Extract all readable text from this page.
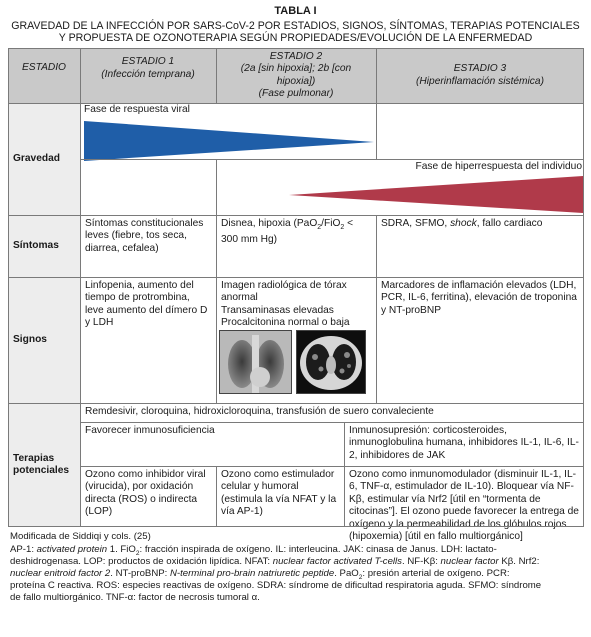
TABLA I
GRAVEDAD DE LA INFECCIÓN POR SARS-CoV-2 POR ESTADIOS, SIGNOS, SÍNTOMAS, TERAPIAS POTENCIALES
Y PROPUESTA DE OZONOTERAPIA SEGÚN PROPIEDADES/EVOLUCIÓN DE LA ENFERMEDAD
ESTADIO
ESTADIO 1
(Infección temprana)
ESTADIO 2
(2a [sin hipoxia]; 2b [con hipoxia])
(Fase pulmonar)
ESTADIO 3
(Hiperinflamación sistémica)
Gravedad
Fase de respuesta viral
Fase de hiperrespuesta del individuo
Síntomas
Síntomas constitucionales leves (fiebre, tos seca, diarrea, cefalea)
Disnea, hipoxia (PaO$_2$/FiO$_2$ < 300 mm Hg)
SDRA, SFMO, shock, fallo cardiaco
Signos
Linfopenia, aumento del tiempo de protrombina, leve aumento del dímero D y LDH
Imagen radiológica de tórax anormal
Transaminasas elevadas
Procalcitonina normal o baja
Marcadores de inflamación elevados (LDH, PCR, IL-6, ferritina), elevación de troponina y NT-proBNP
Terapias potenciales
Remdesivir, cloroquina, hidroxicloroquina, transfusión de suero convaleciente
Favorecer inmunosuficiencia	Inmunosupresión: corticosteroides, inmunoglobulina humana, inhibidores IL-1, IL-6, IL-2, inhibidores de JAK
Ozono como inhibidor viral (virucida), por oxidación directa (ROS) o indirecta (LOP)
Ozono como estimulador celular y humoral (estimula la vía NFAT y la vía AP-1)
Ozono como inmunomodulador (disminuir IL-1, IL-6, TNF-α, estimulador de IL-10). Bloquear vía NF-Kβ, estimular vía Nrf2 [útil en “tormenta de citocinas”]. El ozono puede favorecer la entrega de oxígeno y la permeabilidad de los glóbulos rojos (hipoxemia) [útil en fallo multiorgánico]
Modificada de Siddiqi y cols. (25)
AP-1: activated protein 1. FiO$_2$: fracción inspirada de oxígeno. IL: interleucina. JAK: cinasa de Janus. LDH: lactato-
deshidrogenasa. LOP: productos de oxidación lipídica. NFAT: nuclear factor activated T-cells. NF-Kβ: nuclear factor Kβ. Nrf2:
nuclear enitroid factor 2. NT-proBNP: N-terminal pro-brain natriuretic peptide. PaO$_2$: presión arterial de oxígeno. PCR:
proteína C reactiva. ROS: especies reactivas de oxígeno. SDRA: síndrome de dificultad respiratoria aguda. SFMO: síndrome
de fallo multiorgánico. TNF-α: factor de necrosis tumoral α.
